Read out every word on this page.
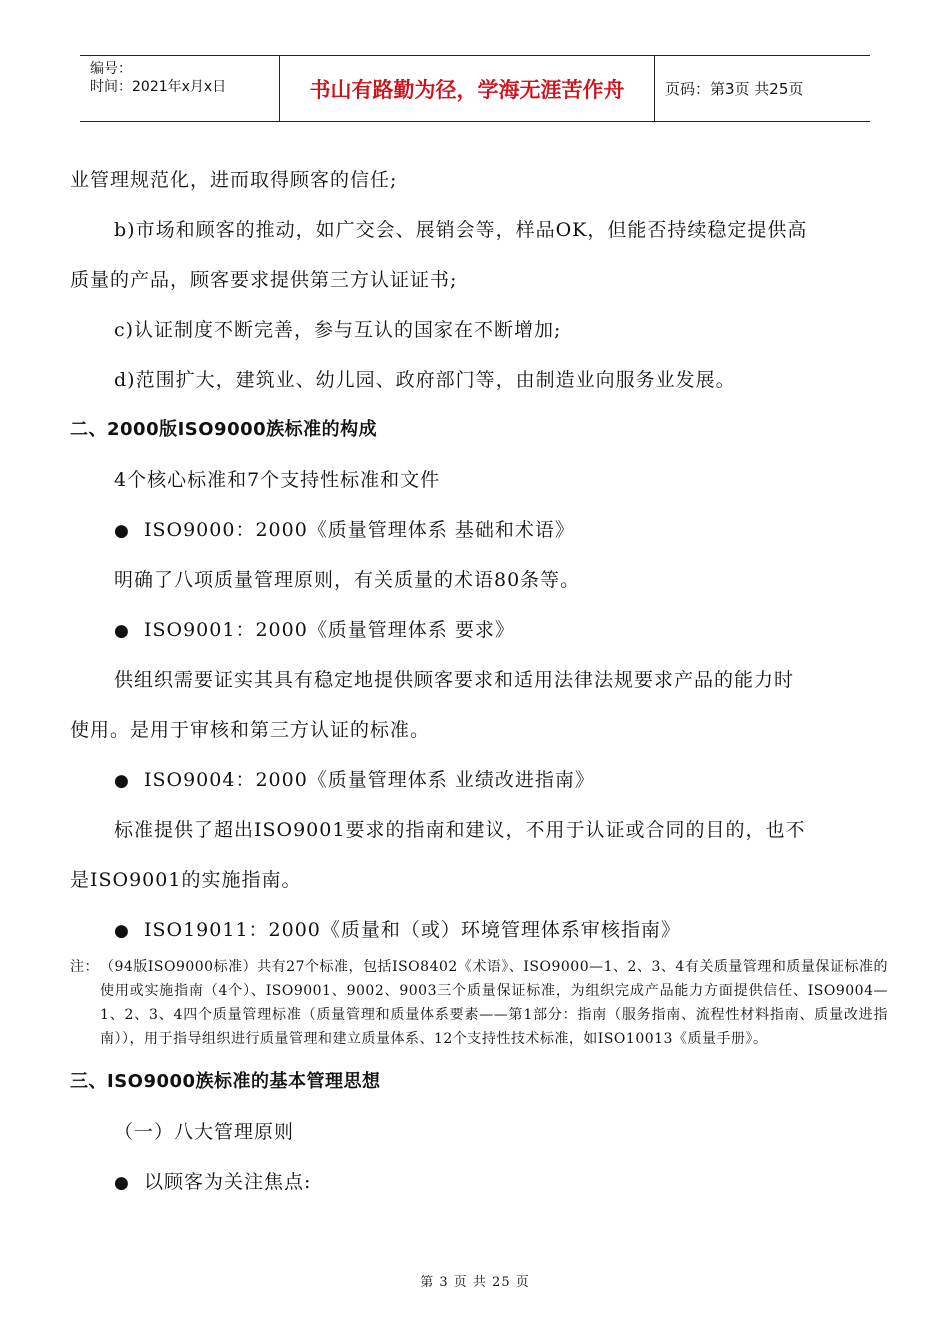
编号：
时间：2021年x月x日	书山有路勤为径，学海无涯苦作舟	页码：第3页 共25页
业管理规范化，进而取得顾客的信任;
b)市场和顾客的推动，如广交会、展销会等，样品OK，但能否持续稳定提供高
质量的产品，顾客要求提供第三方认证证书;
c)认证制度不断完善，参与互认的国家在不断增加;
d)范围扩大，建筑业、幼儿园、政府部门等，由制造业向服务业发展。
二、2000版ISO9000族标准的构成
4个核心标准和7个支持性标准和文件
● ISO9000：2000《质量管理体系 基础和术语》
明确了八项质量管理原则，有关质量的术语80条等。
● ISO9001：2000《质量管理体系 要求》
供组织需要证实其具有稳定地提供顾客要求和适用法律法规要求产品的能力时
使用。是用于审核和第三方认证的标准。
● ISO9004：2000《质量管理体系 业绩改进指南》
标准提供了超出ISO9001要求的指南和建议，不用于认证或合同的目的，也不
是ISO9001的实施指南。
● ISO19011：2000《质量和（或）环境管理体系审核指南》
注： （94版ISO9000标准）共有27个标准，包括ISO8402《术语》、ISO9000—1、2、3、4有关质量管理和质量保证标准的使用或实施指南（4个）、ISO9001、9002、9003三个质量保证标准，为组织完成产品能力方面提供信任、ISO9004—1、2、3、4四个质量管理标准（质量管理和质量体系要素——第1部分：指南（服务指南、流程性材料指南、质量改进指南）），用于指导组织进行质量管理和建立质量体系、12个支持性技术标准，如ISO10013《质量手册》。
三、ISO9000族标准的基本管理思想
（一）八大管理原则
● 以顾客为关注焦点:
第 3 页 共 25 页
